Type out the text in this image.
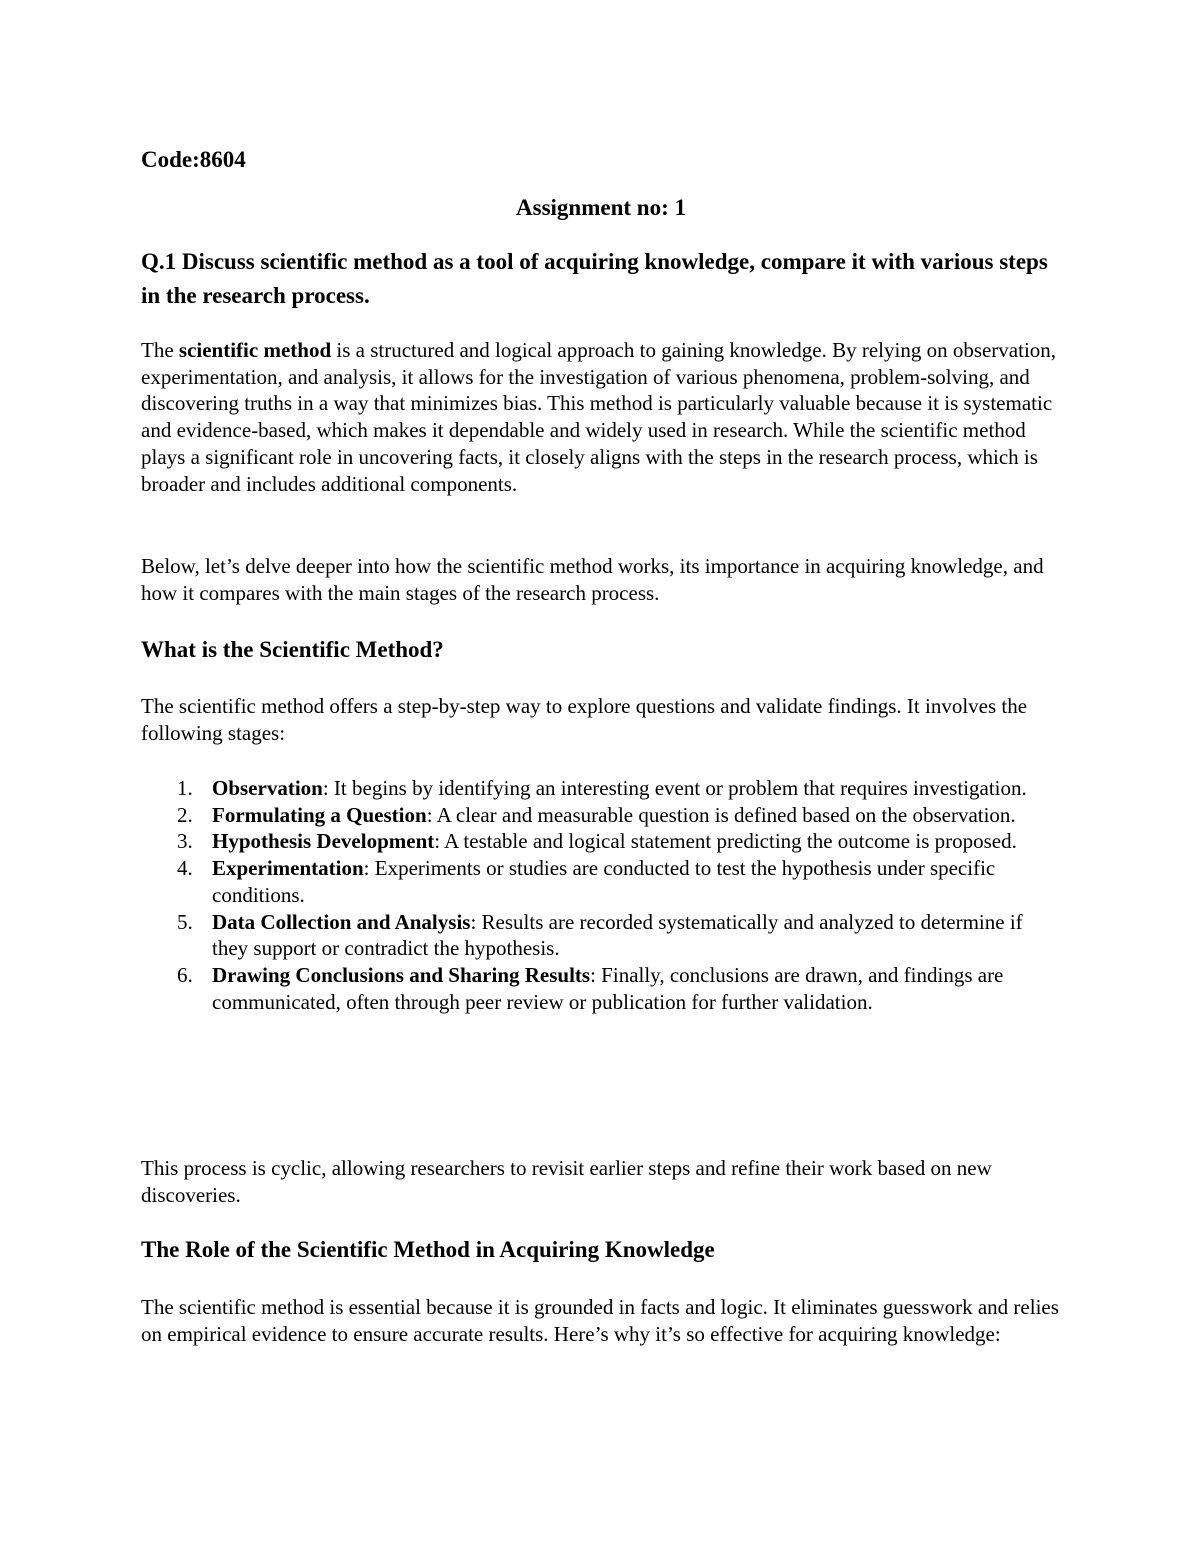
Code:8604
Assignment no: 1
Q.1 Discuss scientific method as a tool of acquiring knowledge, compare it with various steps in the research process.
The scientific method is a structured and logical approach to gaining knowledge. By relying on observation, experimentation, and analysis, it allows for the investigation of various phenomena, problem-solving, and discovering truths in a way that minimizes bias. This method is particularly valuable because it is systematic and evidence-based, which makes it dependable and widely used in research. While the scientific method plays a significant role in uncovering facts, it closely aligns with the steps in the research process, which is broader and includes additional components.
Below, let’s delve deeper into how the scientific method works, its importance in acquiring knowledge, and how it compares with the main stages of the research process.
What is the Scientific Method?
The scientific method offers a step-by-step way to explore questions and validate findings. It involves the following stages:
1. Observation: It begins by identifying an interesting event or problem that requires investigation.
2. Formulating a Question: A clear and measurable question is defined based on the observation.
3. Hypothesis Development: A testable and logical statement predicting the outcome is proposed.
4. Experimentation: Experiments or studies are conducted to test the hypothesis under specific conditions.
5. Data Collection and Analysis: Results are recorded systematically and analyzed to determine if they support or contradict the hypothesis.
6. Drawing Conclusions and Sharing Results: Finally, conclusions are drawn, and findings are communicated, often through peer review or publication for further validation.
This process is cyclic, allowing researchers to revisit earlier steps and refine their work based on new discoveries.
The Role of the Scientific Method in Acquiring Knowledge
The scientific method is essential because it is grounded in facts and logic. It eliminates guesswork and relies on empirical evidence to ensure accurate results. Here’s why it’s so effective for acquiring knowledge:
